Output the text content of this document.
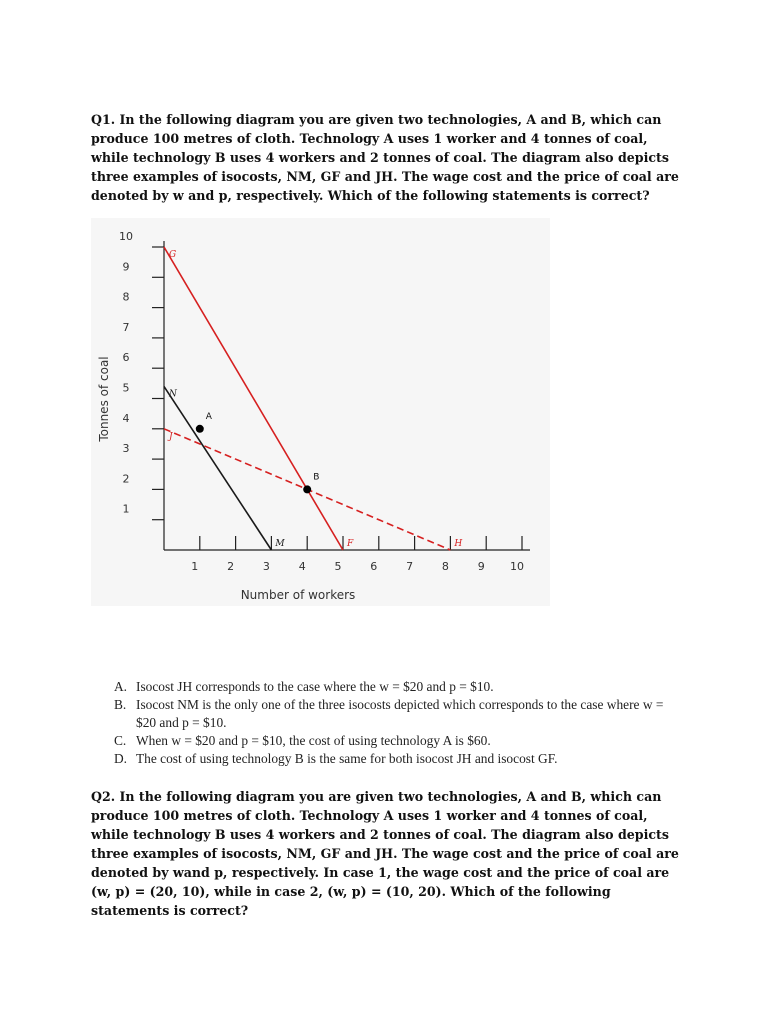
Q1. In the following diagram you are given two technologies, A and B, which can produce 100 metres of cloth. Technology A uses 1 worker and 4 tonnes of coal, while technology B uses 4 workers and 2 tonnes of coal. The diagram also depicts three examples of isocosts, NM, GF and JH. The wage cost and the price of coal are denoted by w and p, respectively. Which of the following statements is correct?
1
2
3
4
5
6
7
8
9
10
1	2	3	4	5	6	7	8	9 10
N
M
G
F
J
H
A
B
Number of workers
Tonnes of coal
A. Isocost JH corresponds to the case where the w = $20 and p = $10.
B. Isocost NM is the only one of the three isocosts depicted which corresponds to the case where w = $20 and p = $10.
C. When w = $20 and p = $10, the cost of using technology A is $60.
D. The cost of using technology B is the same for both isocost JH and isocost GF.
Q2. In the following diagram you are given two technologies, A and B, which can produce 100 metres of cloth. Technology A uses 1 worker and 4 tonnes of coal, while technology B uses 4 workers and 2 tonnes of coal. The diagram also depicts three examples of isocosts, NM, GF and JH. The wage cost and the price of coal are denoted by wand p, respectively. In case 1, the wage cost and the price of coal are (w, p) = (20, 10), while in case 2, (w, p) = (10, 20). Which of the following statements is correct?
